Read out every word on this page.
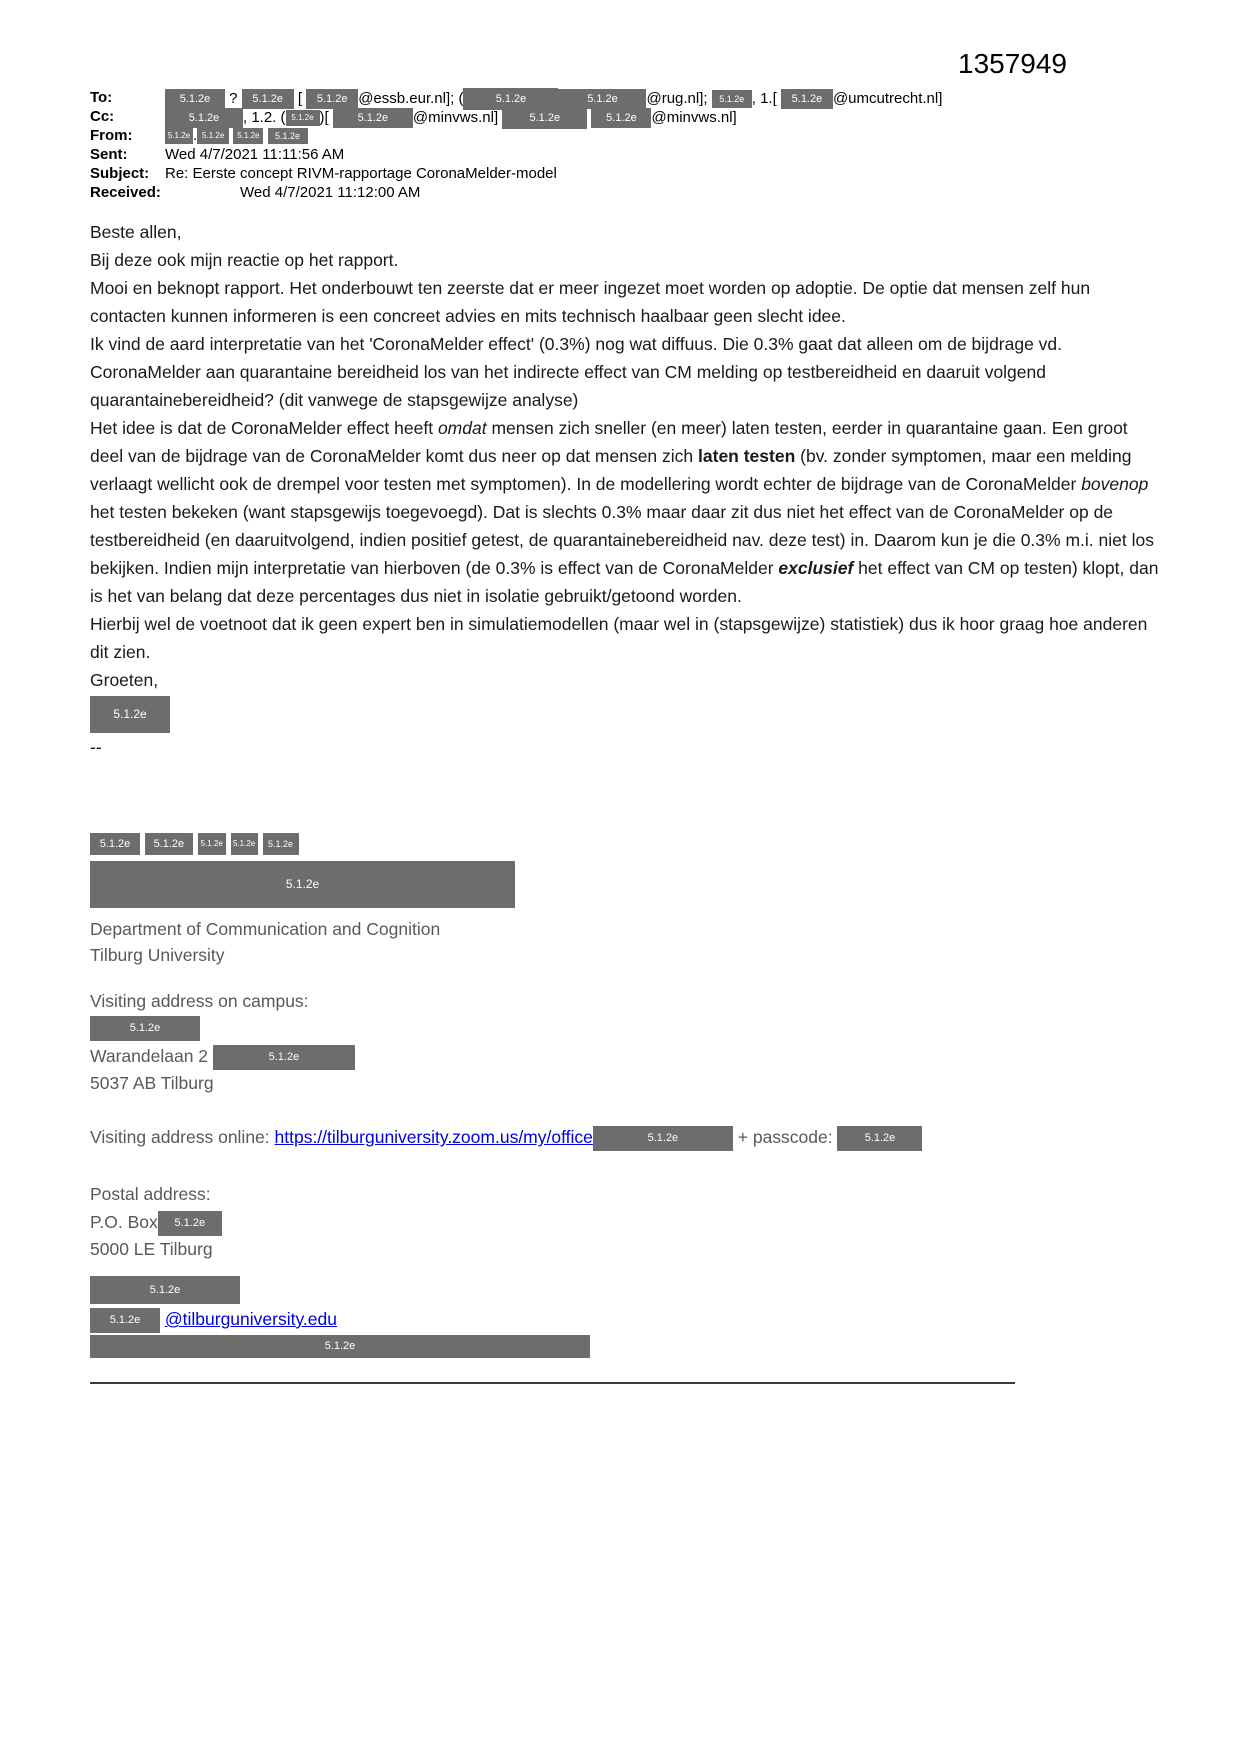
1357949
To:	5.1.2e ? 5.1.2e [ 5.1.2e @essb.eur.nl]; (	5.1.2e	5.1.2e @rug.nl]; 5.1.2e , 1.[ 5.1.2e @umcutrecht.nl]
Cc:	5.1.2e , 1.2. ( 5.1.2e )[ 5.1.2e @minvws.nl] 5.1.2e	5.1.2e @minvws.nl]
From:	5.1.2e . 5.1.2e 5.1.2e 5.1.2e
Sent:	Wed 4/7/2021 11:11:56 AM
Subject: Re: Eerste concept RIVM-rapportage CoronaMelder-model
Received:	Wed 4/7/2021 11:12:00 AM

Beste allen,

Bij deze ook mijn reactie op het rapport.

Mooi en beknopt rapport. Het onderbouwt ten zeerste dat er meer ingezet moet worden op adoptie. De optie dat mensen zelf hun contacten kunnen informeren is een concreet advies en mits technisch haalbaar geen slecht idee.

Ik vind de aard interpretatie van het 'CoronaMelder effect' (0.3%) nog wat diffuus. Die 0.3% gaat dat alleen om de bijdrage vd. CoronaMelder aan quarantaine bereidheid los van het indirecte effect van CM melding op testbereidheid en daaruit volgend quarantainebereidheid? (dit vanwege de stapsgewijze analyse)

Het idee is dat de CoronaMelder effect heeft omdat mensen zich sneller (en meer) laten testen, eerder in quarantaine gaan. Een groot deel van de bijdrage van de CoronaMelder komt dus neer op dat mensen zich laten testen (bv. zonder symptomen, maar een melding verlaagt wellicht ook de drempel voor testen met symptomen). In de modellering wordt echter de bijdrage van de CoronaMelder bovenop het testen bekeken (want stapsgewijs toegevoegd). Dat is slechts 0.3% maar daar zit dus niet het effect van de CoronaMelder op de testbereidheid (en daaruitvolgend, indien positief getest, de quarantainebereidheid nav. deze test) in. Daarom kun je die 0.3% m.i. niet los bekijken. Indien mijn interpretatie van hierboven (de 0.3% is effect van de CoronaMelder exclusief het effect van CM op testen) klopt, dan is het van belang dat deze percentages dus niet in isolatie gebruikt/getoond worden.

Hierbij wel de voetnoot dat ik geen expert ben in simulatiemodellen (maar wel in (stapsgewijze) statistiek) dus ik hoor graag hoe anderen dit zien.

Groeten,

5.1.2e

--

5.1.2e 5.1.2e 5.1.2e 5.1.2e 5.1.2e
5.1.2e
Department of Communication and Cognition
Tilburg University
Visiting address on campus:
5.1.2e
Warandelaan 2	5.1.2e
5037 AB Tilburg
Visiting address online: https://tilburguniversity.zoom.us/my/office	5.1.2e	+ passcode: 5.1.2e
Postal address:
P.O. Box 5.1.2e
5000 LE Tilburg
5.1.2e
5.1.2e @tilburguniversity.edu
5.1.2e
